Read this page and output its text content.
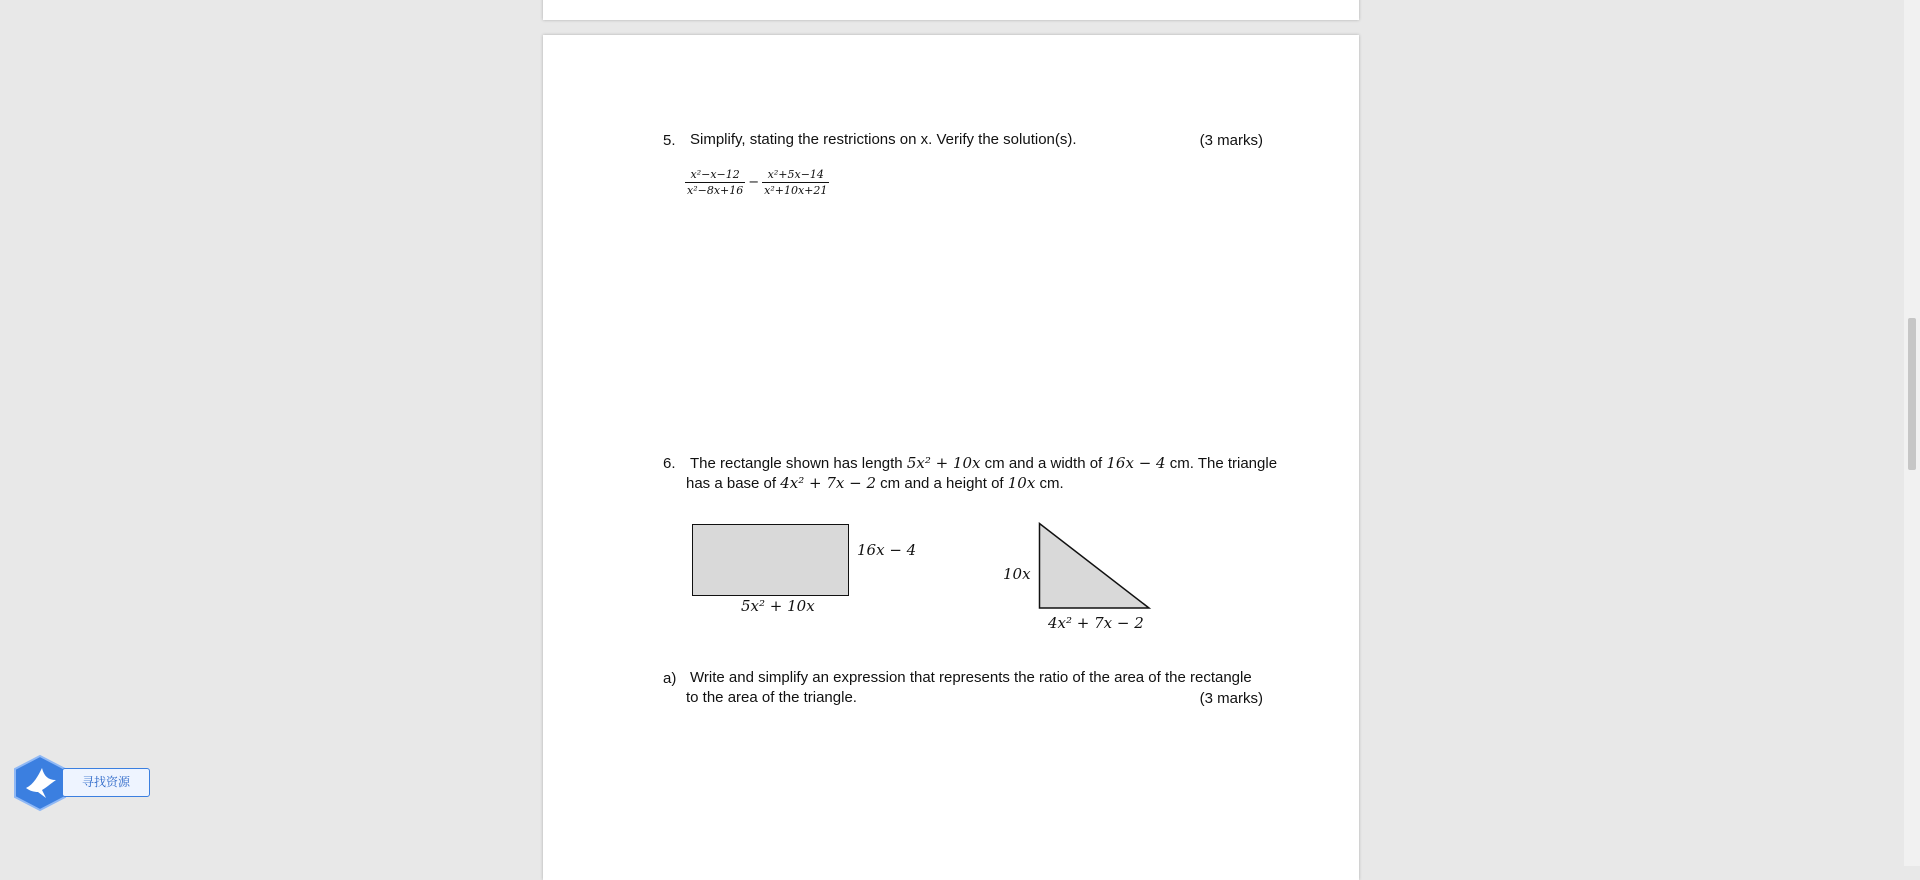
5. Simplify, stating the restrictions on x. Verify the solution(s).	(3 marks)
$\frac{\text{x²−x−12}}{\text{x²−8x+16}} - \frac{\text{x²+5x−14}}{\text{x²+10x+21}}$
6. The rectangle shown has length 5x² + 10x cm and a width of 16x − 4 cm. The triangle
has a base of 4x² + 7x − 2 cm and a height of 10x cm.
16x − 4
5x² + 10x
10x
4x² + 7x − 2
a) Write and simplify an expression that represents the ratio of the area of the rectangle
to the area of the triangle.	(3 marks)
寻找资源
